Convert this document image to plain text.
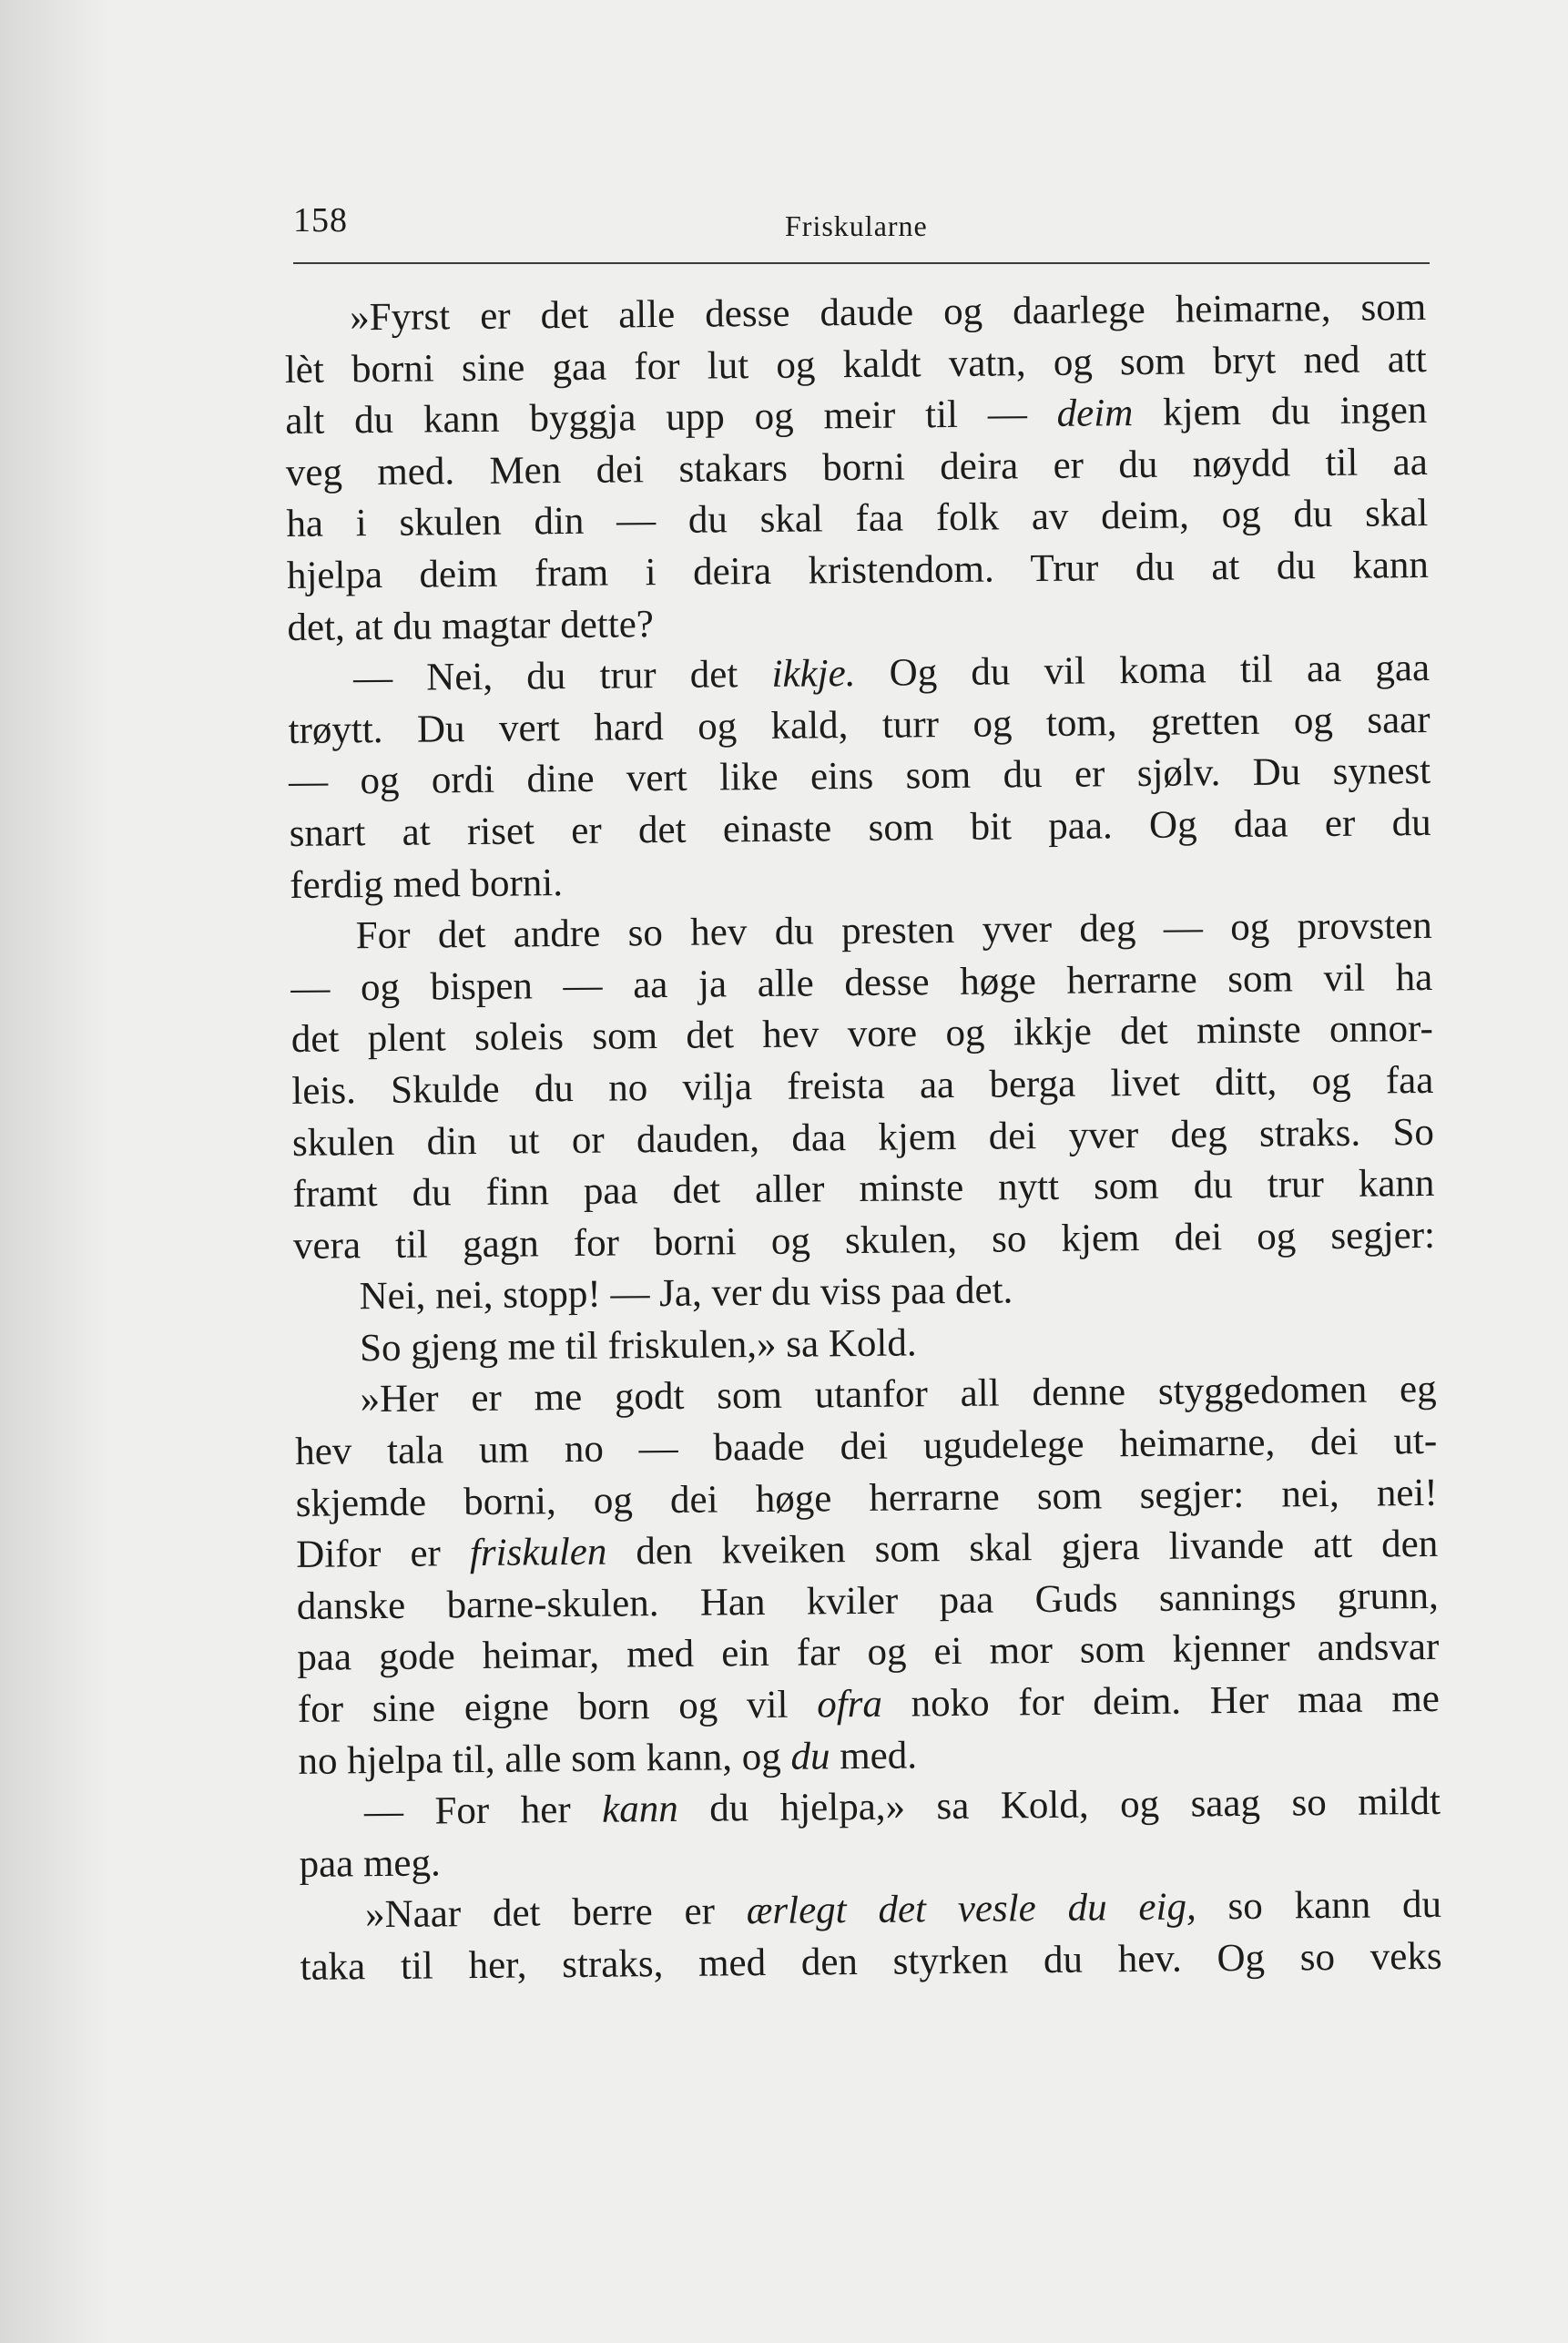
158	Friskularne
»Fyrst er det alle desse daude og daarlege heimarne, som
lèt borni sine gaa for lut og kaldt vatn, og som bryt ned att
alt du kann byggja upp og meir til — deim kjem du ingen
veg med. Men dei stakars borni deira er du nøydd til aa
ha i skulen din — du skal faa folk av deim, og du skal
hjelpa deim fram i deira kristendom. Trur du at du kann
det, at du magtar dette?
— Nei, du trur det ikkje. Og du vil koma til aa gaa
trøytt. Du vert hard og kald, turr og tom, gretten og saar
— og ordi dine vert like eins som du er sjølv. Du synest
snart at riset er det einaste som bit paa. Og daa er du
ferdig med borni.
For det andre so hev du presten yver deg — og provsten
— og bispen — aa ja alle desse høge herrarne som vil ha
det plent soleis som det hev vore og ikkje det minste onnor-
leis. Skulde du no vilja freista aa berga livet ditt, og faa
skulen din ut or dauden, daa kjem dei yver deg straks. So
framt du finn paa det aller minste nytt som du trur kann
vera til gagn for borni og skulen, so kjem dei og segjer:
Nei, nei, stopp! — Ja, ver du viss paa det.
So gjeng me til friskulen,» sa Kold.
»Her er me godt som utanfor all denne styggedomen eg
hev tala um no — baade dei ugudelege heimarne, dei ut-
skjemde borni, og dei høge herrarne som segjer: nei, nei!
Difor er friskulen den kveiken som skal gjera livande att den
danske barne-skulen. Han kviler paa Guds sannings grunn,
paa gode heimar, med ein far og ei mor som kjenner andsvar
for sine eigne born og vil ofra noko for deim. Her maa me
no hjelpa til, alle som kann, og du med.
— For her kann du hjelpa,» sa Kold, og saag so mildt
paa meg.
»Naar det berre er ærlegt det vesle du eig, so kann du
taka til her, straks, med den styrken du hev. Og so veks
